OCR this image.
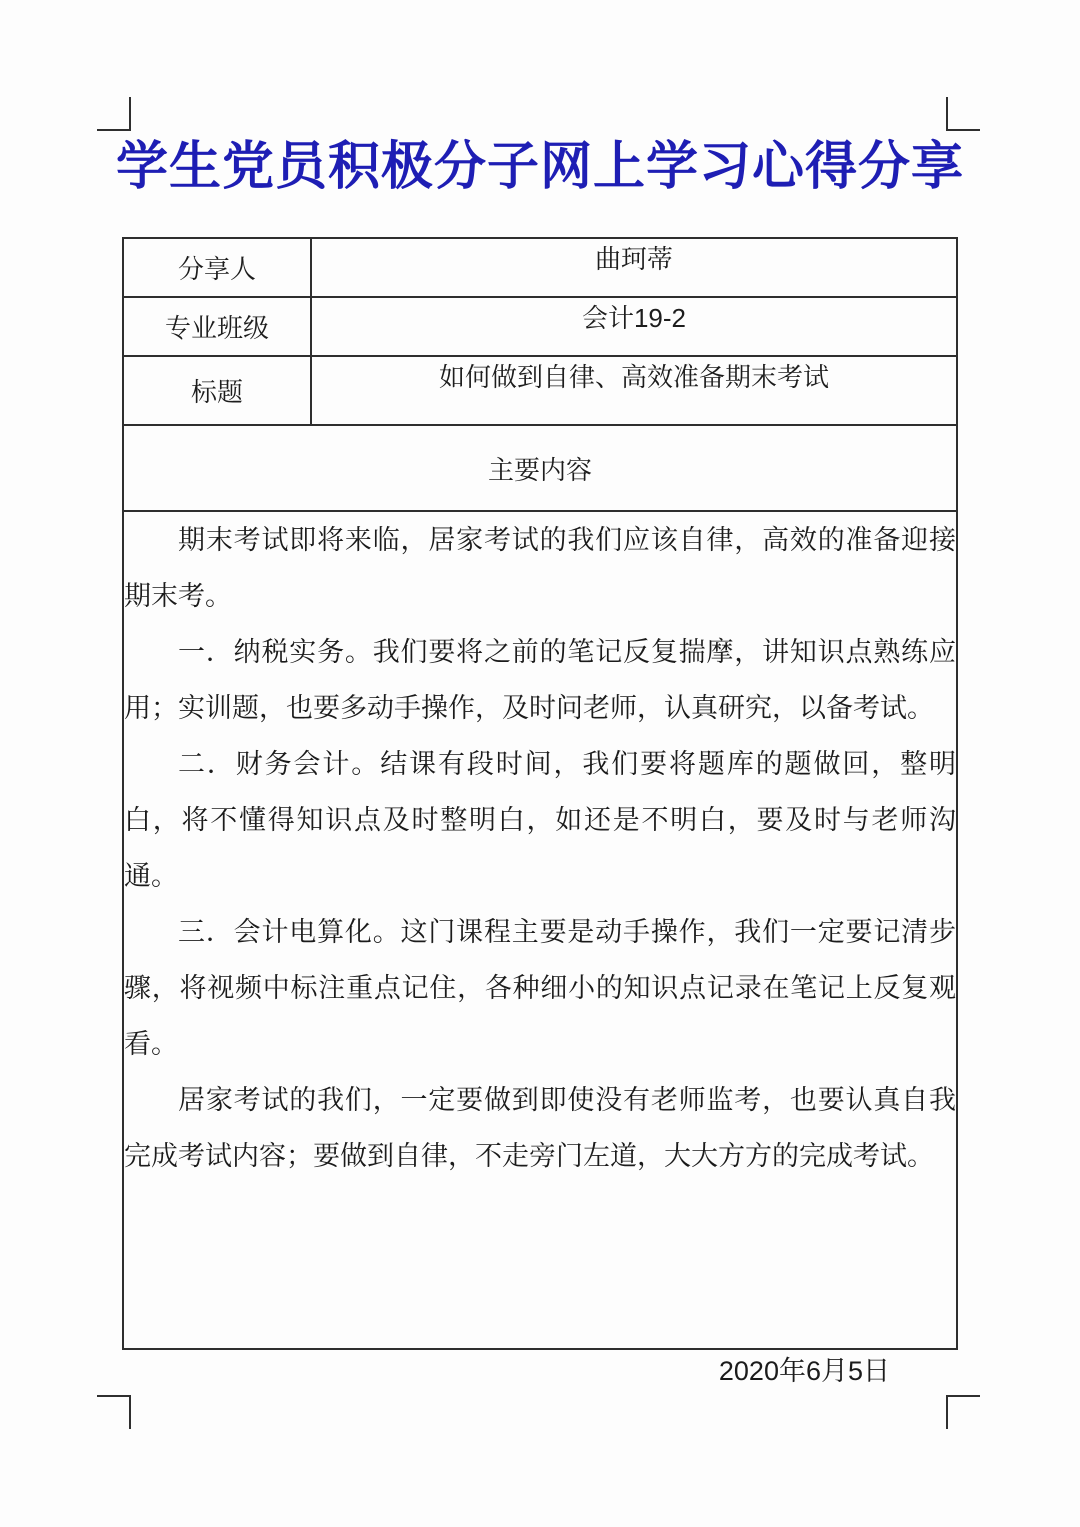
学生党员积极分子网上学习心得分享
分享人	曲珂蒂
专业班级	会计19-2
标题	如何做到自律、高效准备期末考试
主要内容	

期末考试即将来临，居家考试的我们应该自律，高效的准备迎接期末考。

一．纳税实务。我们要将之前的笔记反复揣摩，讲知识点熟练应用；实训题，也要多动手操作，及时问老师，认真研究，以备考试。

二．财务会计。结课有段时间，我们要将题库的题做回，整明白，将不懂得知识点及时整明白，如还是不明白，要及时与老师沟通。

三．会计电算化。这门课程主要是动手操作，我们一定要记清步骤，将视频中标注重点记住，各种细小的知识点记录在笔记上反复观看。

居家考试的我们，一定要做到即使没有老师监考，也要认真自我完成考试内容；要做到自律，不走旁门左道，大大方方的完成考试。	

2020年6月5日
